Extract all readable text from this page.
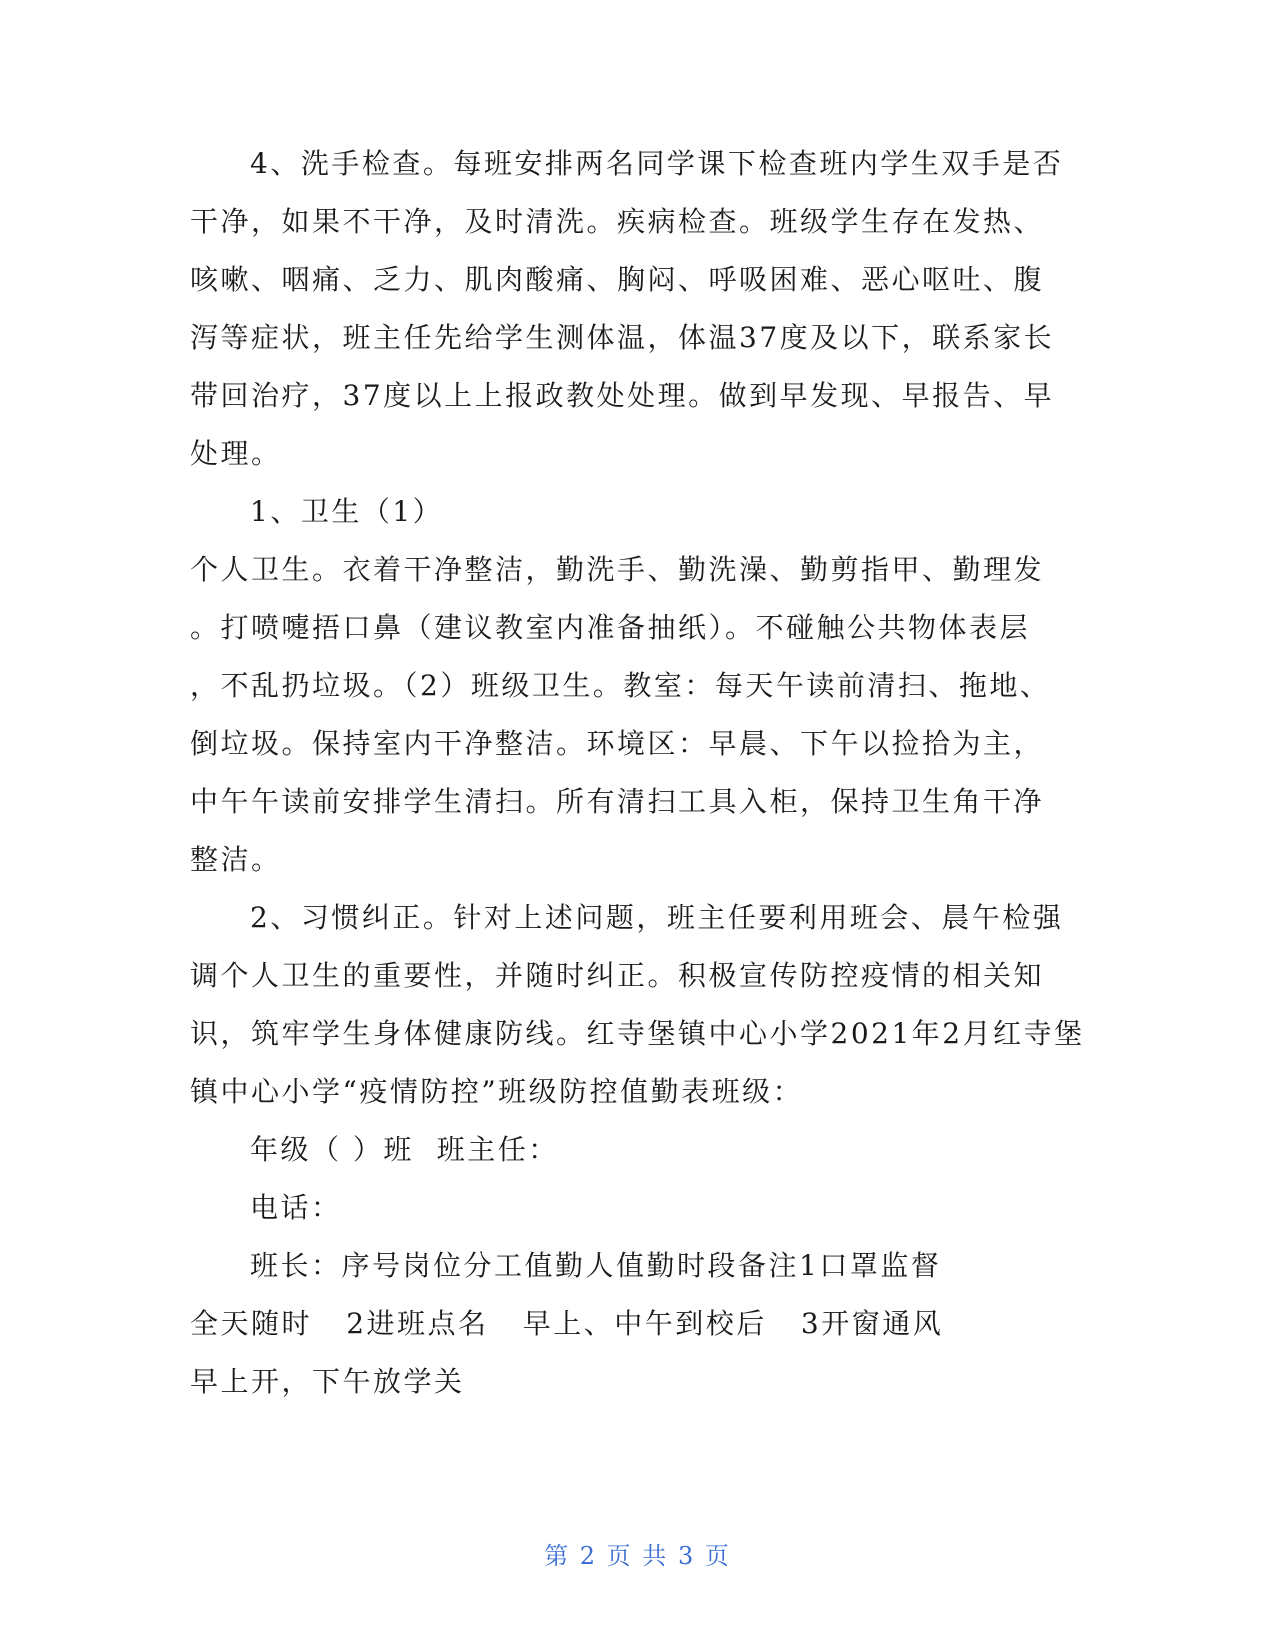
4、洗手检查。每班安排两名同学课下检查班内学生双手是否
干净，如果不干净，及时清洗。疾病检查。班级学生存在发热、
咳嗽、咽痛、乏力、肌肉酸痛、胸闷、呼吸困难、恶心呕吐、腹
泻等症状，班主任先给学生测体温，体温37度及以下，联系家长
带回治疗，37度以上上报政教处处理。做到早发现、早报告、早
处理。
1、卫生（1）
个人卫生。衣着干净整洁，勤洗手、勤洗澡、勤剪指甲、勤理发
。打喷嚏捂口鼻（建议教室内准备抽纸）。不碰触公共物体表层
，不乱扔垃圾。（2）班级卫生。教室：每天午读前清扫、拖地、
倒垃圾。保持室内干净整洁。环境区：早晨、下午以捡拾为主，
中午午读前安排学生清扫。所有清扫工具入柜，保持卫生角干净
整洁。
2、习惯纠正。针对上述问题，班主任要利用班会、晨午检强
调个人卫生的重要性，并随时纠正。积极宣传防控疫情的相关知
识，筑牢学生身体健康防线。红寺堡镇中心小学2021年2月红寺堡
镇中心小学“疫情防控”班级防控值勤表班级：
年级（ ）班  班主任：
电话：
班长：序号岗位分工值勤人值勤时段备注1口罩监督
全天随时   2进班点名   早上、中午到校后   3开窗通风
早上开，下午放学关
第 2 页 共 3 页
